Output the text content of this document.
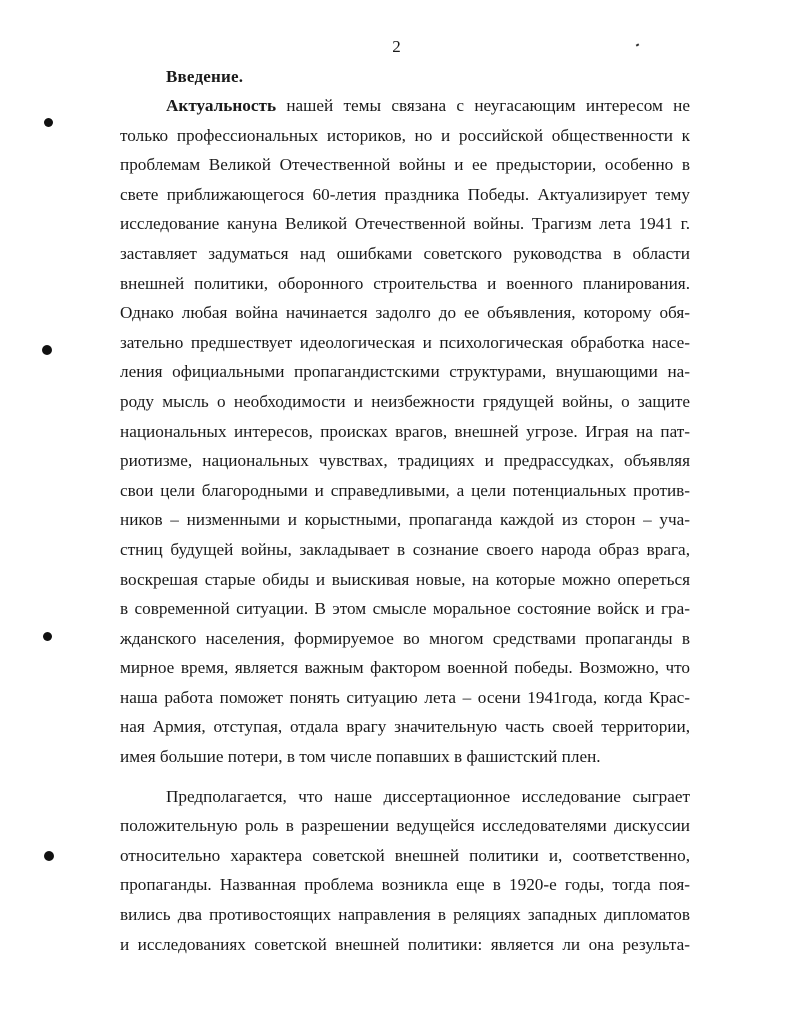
2
Введение.
Актуальность нашей темы связана с неугасающим интересом не
только профессиональных историков, но и российской общественности к
проблемам Великой Отечественной войны и ее предыстории, особенно в
свете приближающегося 60-летия праздника Победы. Актуализирует тему
исследование кануна Великой Отечественной войны. Трагизм лета 1941 г.
заставляет задуматься над ошибками советского руководства в области
внешней политики, оборонного строительства и военного планирования.
Однако любая война начинается задолго до ее объявления, которому обя-
зательно предшествует идеологическая и психологическая обработка насе-
ления официальными пропагандистскими структурами, внушающими на-
роду мысль о необходимости и неизбежности грядущей войны, о защите
национальных интересов, происках врагов, внешней угрозе. Играя на пат-
риотизме, национальных чувствах, традициях и предрассудках, объявляя
свои цели благородными и справедливыми, а цели потенциальных против-
ников – низменными и корыстными, пропаганда каждой из сторон – уча-
стниц будущей войны, закладывает в сознание своего народа образ врага,
воскрешая старые обиды и выискивая новые, на которые можно опереться
в современной ситуации. В этом смысле моральное состояние войск и гра-
жданского населения, формируемое во многом средствами пропаганды в
мирное время, является важным фактором военной победы. Возможно, что
наша работа поможет понять ситуацию лета – осени 1941года, когда Крас-
ная Армия, отступая, отдала врагу значительную часть своей территории,
имея большие потери, в том числе попавших в фашистский плен.
Предполагается, что наше диссертационное исследование сыграет
положительную роль в разрешении ведущейся исследователями дискуссии
относительно характера советской внешней политики и, соответственно,
пропаганды. Названная проблема возникла еще в 1920-е годы, тогда поя-
вились два противостоящих направления в реляциях западных дипломатов
и исследованиях советской внешней политики: является ли она результа-
